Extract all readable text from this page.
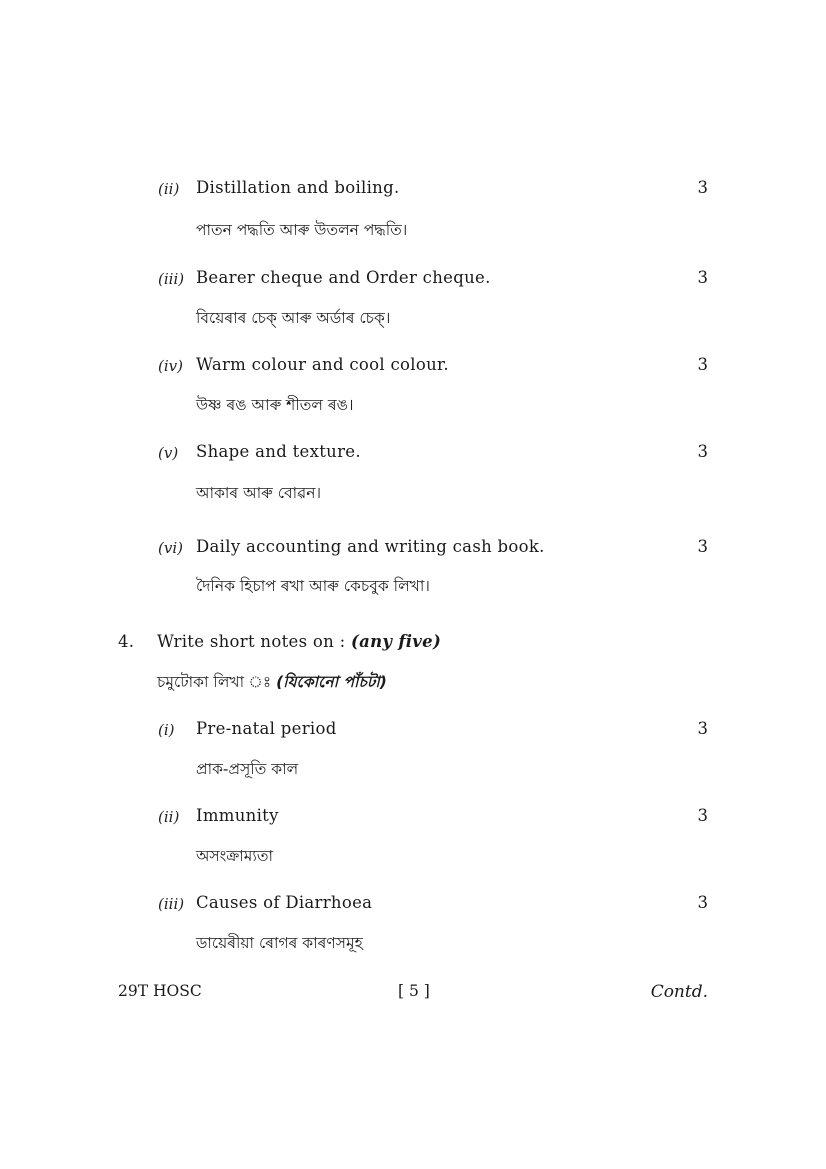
(ii) Distillation and boiling.	3
পাতন পদ্ধতি আৰু উতলন পদ্ধতি।
(iii) Bearer cheque and Order cheque.	3
বিয়েৰাৰ চেক্ আৰু অৰ্ডাৰ চেক্।
(iv) Warm colour and cool colour.	3
উষ্ণ ৰঙ আৰু শীতল ৰঙ।
(v) Shape and texture.	3
আকাৰ আৰু বোৱন।
(vi) Daily accounting and writing cash book.	3
দৈনিক হিচাপ ৰখা আৰু কেচবুক লিখা।
4. Write short notes on : (any five)
চমুটোকা লিখা ঃ (যিকোনো পাঁচটা)
(i) Pre-natal period	3
প্ৰাক-প্ৰসূতি কাল
(ii) Immunity	3
অসংক্ৰাম্যতা
(iii) Causes of Diarrhoea	3
ডায়েৰীয়া ৰোগৰ কাৰণসমূহ
29T HOSC	[ 5 ]	Contd.
